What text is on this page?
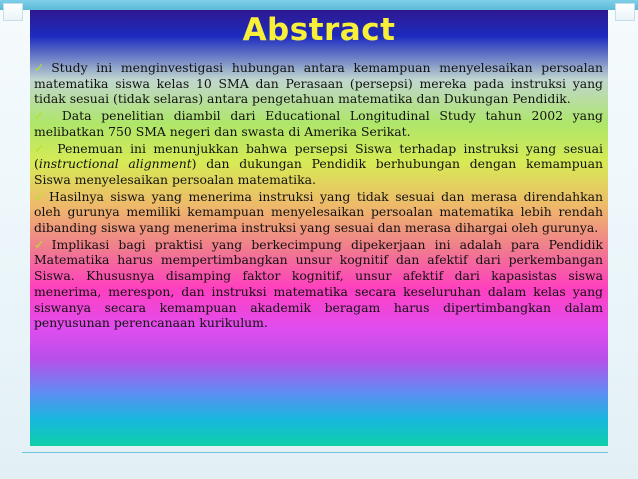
Abstract

✓ Study ini menginvestigasi hubungan antara kemampuan menyelesaikan persoalan matematika siswa kelas 10 SMA dan Perasaan (persepsi) mereka pada instruksi yang tidak sesuai (tidak selaras) antara pengetahuan matematika dan Dukungan Pendidik.

✓ Data penelitian diambil dari Educational Longitudinal Study tahun 2002 yang melibatkan 750 SMA negeri dan swasta di Amerika Serikat.

✓ Penemuan ini menunjukkan bahwa persepsi Siswa terhadap instruksi yang sesuai (instructional alignment) dan dukungan Pendidik berhubungan dengan kemampuan Siswa menyelesaikan persoalan matematika.

✓ Hasilnya siswa yang menerima instruksi yang tidak sesuai dan merasa direndahkan oleh gurunya memiliki kemampuan menyelesaikan persoalan matematika lebih rendah dibanding siswa yang menerima instruksi yang sesuai dan merasa dihargai oleh gurunya.

✓ Implikasi bagi praktisi yang berkecimpung dipekerjaan ini adalah para Pendidik Matematika harus mempertimbangkan unsur kognitif dan afektif dari perkembangan Siswa. Khususnya disamping faktor kognitif, unsur afektif dari kapasistas siswa menerima, merespon, dan instruksi matematika secara keseluruhan dalam kelas yang siswanya secara kemampuan akademik beragam harus dipertimbangkan dalam penyusunan perencanaan kurikulum.
